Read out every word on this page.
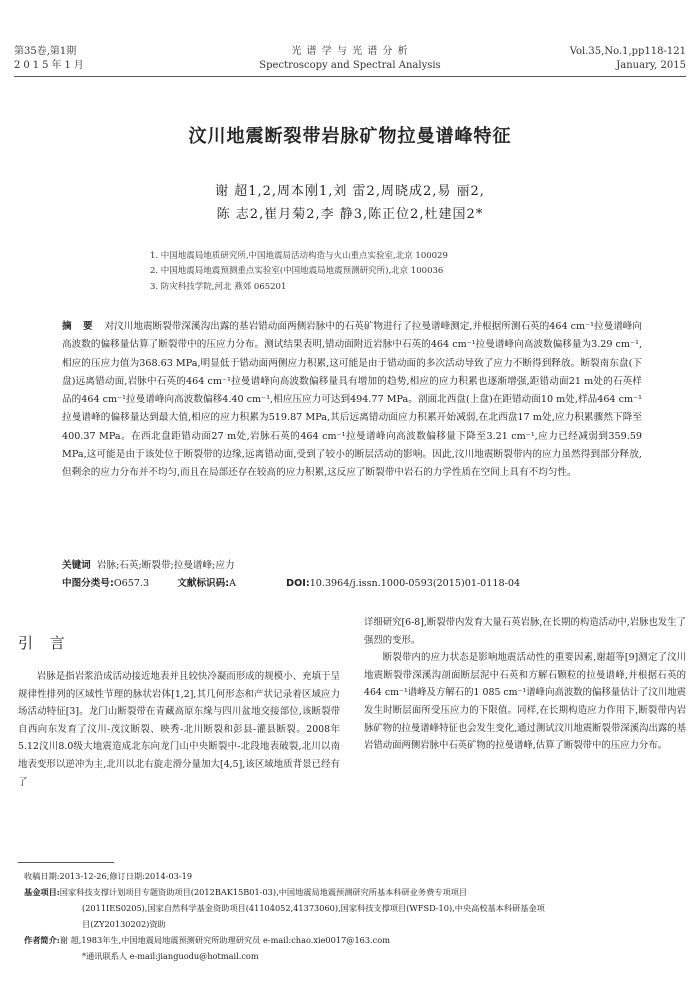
第35卷,第1期
2015年1月
光 谱 学 与 光 谱 分 析
Spectroscopy and Spectral Analysis
Vol.35,No.1,pp118-121
January, 2015
汶川地震断裂带岩脉矿物拉曼谱峰特征
谢 超1,2,周本刚1,刘 雷2,周晓成2,易 丽2,
陈 志2,崔月菊2,李 静3,陈正位2,杜建国2*
1. 中国地震局地质研究所,中国地震局活动构造与火山重点实验室,北京 100029
2. 中国地震局地震预测重点实验室(中国地震局地震预测研究所),北京 100036
3. 防灾科技学院,河北 燕郊 065201
摘 要 对汶川地震断裂带深溪沟出露的基岩错动面两侧岩脉中的石英矿物进行了拉曼谱峰测定,并根据所测石英的464 cm⁻¹拉曼谱峰向高波数的偏移量估算了断裂带中的压应力分布。测试结果表明,错动面附近岩脉中石英的464 cm⁻¹拉曼谱峰向高波数偏移量为3.29 cm⁻¹,相应的压应力值为368.63 MPa,明显低于错动面两侧应力积累,这可能是由于错动面的多次活动导致了应力不断得到释放。断裂南东盘(下盘)远离错动面,岩脉中石英的464 cm⁻¹拉曼谱峰向高波数偏移量具有增加的趋势,相应的应力积累也逐渐增强,距错动面21 m处的石英样品的464 cm⁻¹拉曼谱峰向高波数偏移4.40 cm⁻¹,相应压应力可达到494.77 MPa。剖面北西盘(上盘)在距错动面10 m处,样品464 cm⁻¹拉曼谱峰的偏移量达到最大值,相应的应力积累为519.87 MPa,其后远离错动面应力积累开始减弱,在北西盘17 m处,应力积累骤然下降至400.37 MPa。在西北盘距错动面27 m处,岩脉石英的464 cm⁻¹拉曼谱峰向高波数偏移量下降至3.21 cm⁻¹,应力已经减弱到359.59 MPa,这可能是由于该处位于断裂带的边缘,远离错动面,受到了较小的断层活动的影响。因此,汶川地震断裂带内的应力虽然得到部分释放,但剩余的应力分布并不均匀,而且在局部还存在较高的应力积累,这反应了断裂带中岩石的力学性质在空间上具有不均匀性。
关键词 岩脉;石英;断裂带;拉曼谱峰;应力
中图分类号:O657.3	文献标识码:A	DOI:10.3964/j.issn.1000-0593(2015)01-0118-04
引 言

岩脉是指岩浆沿成活动接近地表并且较快冷凝而形成的规模小、充填于呈规律性排列的区域性节理的脉状岩体[1,2],其几何形态和产状记录着区域应力场活动特征[3]。龙门山断裂带在青藏高原东缘与四川盆地交接部位,该断裂带自西向东发育了汶川-茂汶断裂、映秀-北川断裂和彭县-灌县断裂。2008年5.12汶川8.0级大地震造成北东向龙门山中央断裂中-北段地表破裂,北川以南地表变形以逆冲为主,北川以北右旋走滑分量加大[4,5],该区域地质背景已经有了

详细研究[6-8],断裂带内发育大量石英岩脉,在长期的构造活动中,岩脉也发生了强烈的变形。

断裂带内的应力状态是影响地震活动性的重要因素,谢超等[9]测定了汶川地震断裂带深溪沟剖面断层泥中石英和方解石颗粒的拉曼谱峰,并根据石英的464 cm⁻¹谱峰及方解石的1 085 cm⁻¹谱峰向高波数的偏移量估计了汶川地震发生时断层面所受压应力的下限值。同样,在长期构造应力作用下,断裂带内岩脉矿物的拉曼谱峰特征也会发生变化,通过测试汶川地震断裂带深溪沟出露的基岩错动面两侧岩脉中石英矿物的拉曼谱峰,估算了断裂带中的压应力分布。

收稿日期:2013-12-26,修订日期:2014-03-19
基金项目:国家科技支撑计划项目专题资助项目(2012BAK15B01-03),中国地震局地震预测研究所基本科研业务费专项项目
(2011IES0205),国家自然科学基金资助项目(41104052,41373060),国家科技支撑项目(WFSD-10),中央高校基本科研基金项
目(ZY20130202)资助
作者简介:谢 超,1983年生,中国地震局地震预测研究所助理研究员 e-mail:chao.xie0017@163.com
*通讯联系人 e-mail:jianguodu@hotmail.com
